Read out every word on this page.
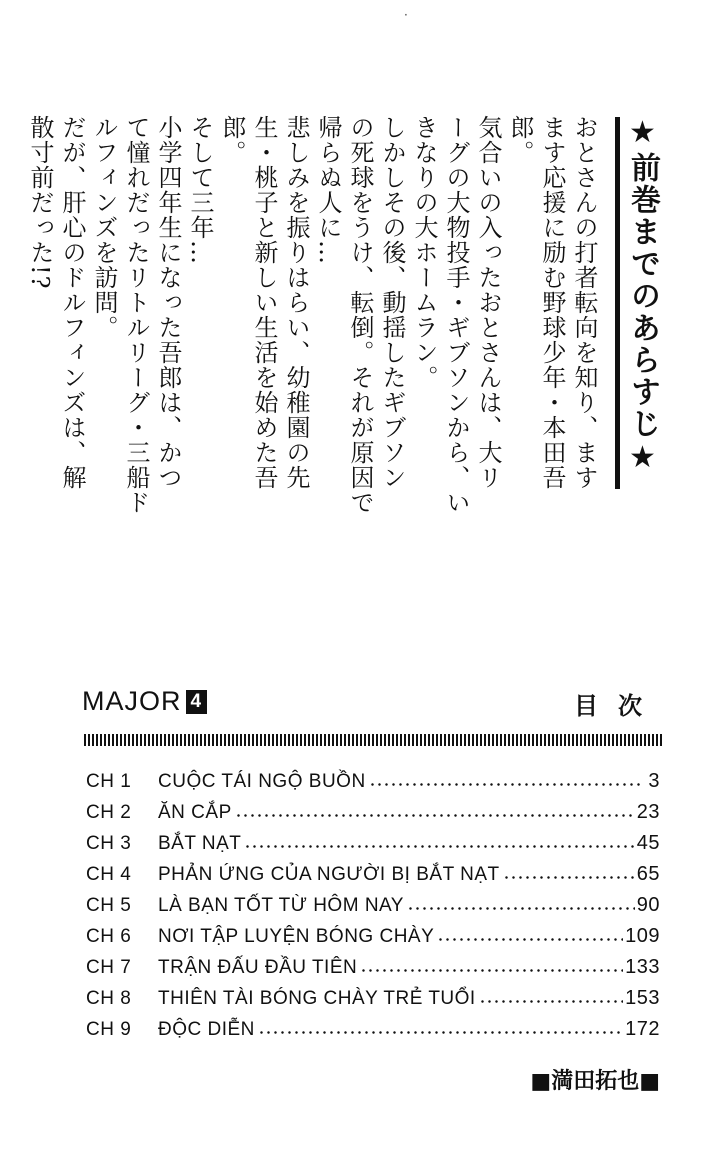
·
★前巻までのあらすじ★
おとさんの打者転向を知り、ます
ます応援に励む野球少年・本田吾郎。
気合いの入ったおとさんは、大リ
ーグの大物投手・ギブソンから、い
きなりの大ホームラン。
しかしその後、動揺したギブソン
の死球をうけ、転倒。それが原因で
帰らぬ人に…
悲しみを振りはらい、幼稚園の先
生・桃子と新しい生活を始めた吾郎。
そして三年…
小学四年生になった吾郎は、かつ
て憧れだったリトルリーグ・三船ド
ルフィンズを訪問。
だが、肝心のドルフィンズは、解
散寸前だった!?
MAJOR 4	目次
CH 1	CUỘC TÁI NGỘ BUỒN	3
CH 2	ĂN CẮP	23
CH 3	BẮT NẠT	45
CH 4	PHẢN ỨNG CỦA NGƯỜI BỊ BẮT NẠT	65
CH 5	LÀ BẠN TỐT TỪ HÔM NAY	90
CH 6	NƠI TẬP LUYỆN BÓNG CHÀY	109
CH 7	TRẬN ĐẤU ĐẦU TIÊN	133
CH 8	THIÊN TÀI BÓNG CHÀY TRẺ TUỔI	153
CH 9	ĐỘC DIỄN	172
■満田拓也■
